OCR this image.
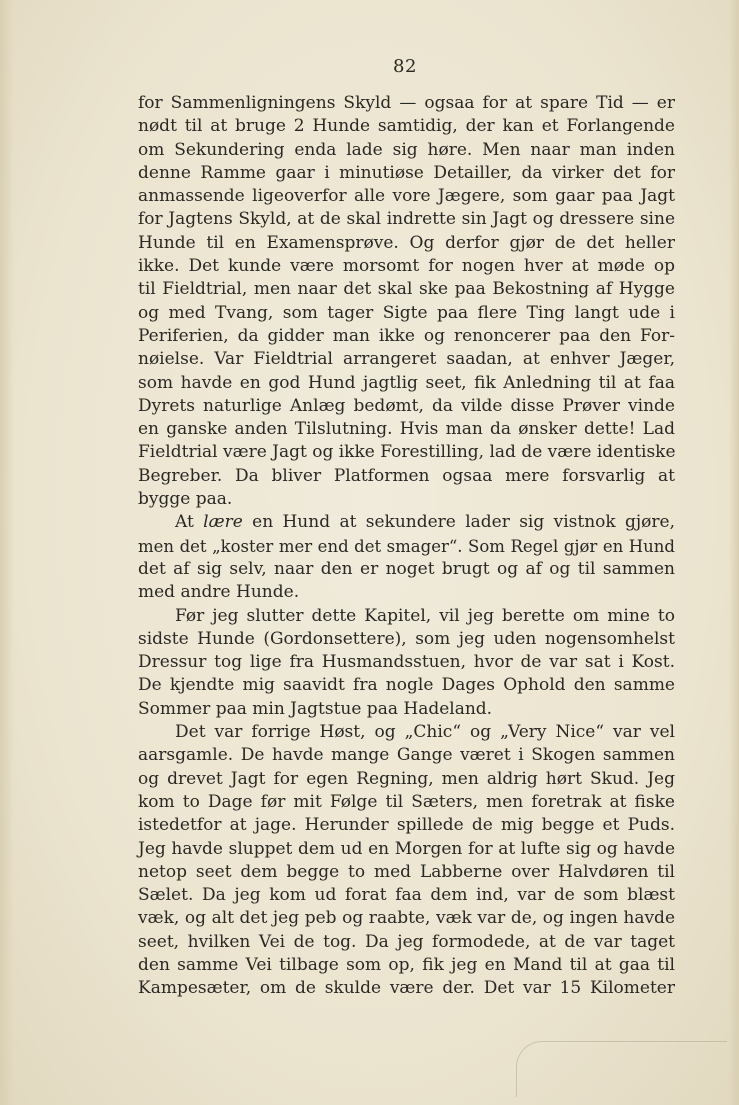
82
for Sammenligningens Skyld — ogsaa for at spare Tid — er
nødt til at bruge 2 Hunde samtidig, der kan et Forlangende
om Sekundering enda lade sig høre. Men naar man inden
denne Ramme gaar i minutiøse Detailler, da virker det for
anmassende ligeoverfor alle vore Jægere, som gaar paa Jagt
for Jagtens Skyld, at de skal indrette sin Jagt og dressere sine
Hunde til en Examensprøve. Og derfor gjør de det heller
ikke. Det kunde være morsomt for nogen hver at møde op
til Fieldtrial, men naar det skal ske paa Bekostning af Hygge
og med Tvang, som tager Sigte paa flere Ting langt ude i
Periferien, da gidder man ikke og renoncerer paa den For-
nøielse. Var Fieldtrial arrangeret saadan, at enhver Jæger,
som havde en god Hund jagtlig seet, fik Anledning til at faa
Dyrets naturlige Anlæg bedømt, da vilde disse Prøver vinde
en ganske anden Tilslutning. Hvis man da ønsker dette! Lad
Fieldtrial være Jagt og ikke Forestilling, lad de være identiske
Begreber. Da bliver Platformen ogsaa mere forsvarlig at
bygge paa.
At lære en Hund at sekundere lader sig vistnok gjøre,
men det „koster mer end det smager“. Som Regel gjør en Hund
det af sig selv, naar den er noget brugt og af og til sammen
med andre Hunde.
Før jeg slutter dette Kapitel, vil jeg berette om mine to
sidste Hunde (Gordonsettere), som jeg uden nogensomhelst
Dressur tog lige fra Husmandsstuen, hvor de var sat i Kost.
De kjendte mig saavidt fra nogle Dages Ophold den samme
Sommer paa min Jagtstue paa Hadeland.
Det var forrige Høst, og „Chic“ og „Very Nice“ var vel
aarsgamle. De havde mange Gange været i Skogen sammen
og drevet Jagt for egen Regning, men aldrig hørt Skud. Jeg
kom to Dage før mit Følge til Sæters, men foretrak at fiske
istedetfor at jage. Herunder spillede de mig begge et Puds.
Jeg havde sluppet dem ud en Morgen for at lufte sig og havde
netop seet dem begge to med Labberne over Halvdøren til
Sælet. Da jeg kom ud forat faa dem ind, var de som blæst
væk, og alt det jeg peb og raabte, væk var de, og ingen havde
seet, hvilken Vei de tog. Da jeg formodede, at de var taget
den samme Vei tilbage som op, fik jeg en Mand til at gaa til
Kampesæter, om de skulde være der. Det var 15 Kilometer
